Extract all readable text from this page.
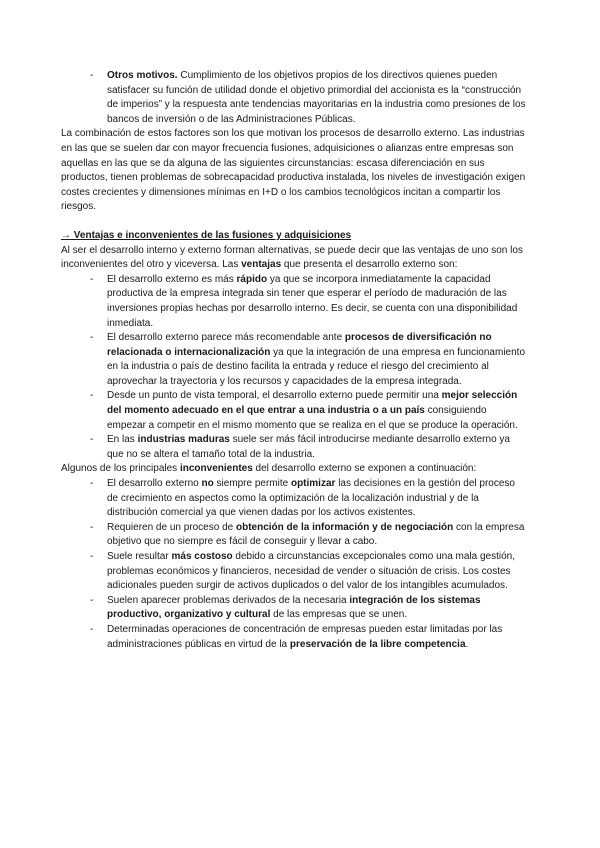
- Otros motivos. Cumplimiento de los objetivos propios de los directivos quienes pueden satisfacer su función de utilidad donde el objetivo primordial del accionista es la “construcción de imperios” y la respuesta ante tendencias mayoritarias en la industria como presiones de los bancos de inversión o de las Administraciones Públicas.

La combinación de estos factores son los que motivan los procesos de desarrollo externo. Las industrias en las que se suelen dar con mayor frecuencia fusiones, adquisiciones o alianzas entre empresas son aquellas en las que se da alguna de las siguientes circunstancias: escasa diferenciación en sus productos, tienen problemas de sobrecapacidad productiva instalada, los niveles de investigación exigen costes crecientes y dimensiones mínimas en I+D o los cambios tecnológicos incitan a compartir los riesgos.

→ Ventajas e inconvenientes de las fusiones y adquisiciones

Al ser el desarrollo interno y externo forman alternativas, se puede decir que las ventajas de uno son los inconvenientes del otro y viceversa. Las ventajas que presenta el desarrollo externo son:

- El desarrollo externo es más rápido ya que se incorpora inmediatamente la capacidad productiva de la empresa integrada sin tener que esperar el período de maduración de las inversiones propias hechas por desarrollo interno. Es decir, se cuenta con una disponibilidad inmediata.
- El desarrollo externo parece más recomendable ante procesos de diversificación no relacionada o internacionalización ya que la integración de una empresa en funcionamiento en la industria o país de destino facilita la entrada y reduce el riesgo del crecimiento al aprovechar la trayectoria y los recursos y capacidades de la empresa integrada.
- Desde un punto de vista temporal, el desarrollo externo puede permitir una mejor selección del momento adecuado en el que entrar a una industria o a un país consiguiendo empezar a competir en el mismo momento que se realiza en el que se produce la operación.
- En las industrias maduras suele ser más fácil introducirse mediante desarrollo externo ya que no se altera el tamaño total de la industria.

Algunos de los principales inconvenientes del desarrollo externo se exponen a continuación:

- El desarrollo externo no siempre permite optimizar las decisiones en la gestión del proceso de crecimiento en aspectos como la optimización de la localización industrial y de la distribución comercial ya que vienen dadas por los activos existentes.
- Requieren de un proceso de obtención de la información y de negociación con la empresa objetivo que no siempre es fácil de conseguir y llevar a cabo.
- Suele resultar más costoso debido a circunstancias excepcionales como una mala gestión, problemas económicos y financieros, necesidad de vender o situación de crisis. Los costes adicionales pueden surgir de activos duplicados o del valor de los intangibles acumulados.
- Suelen aparecer problemas derivados de la necesaria integración de los sistemas productivo, organizativo y cultural de las empresas que se unen.
- Determinadas operaciones de concentración de empresas pueden estar limitadas por las administraciones públicas en virtud de la preservación de la libre competencia.
